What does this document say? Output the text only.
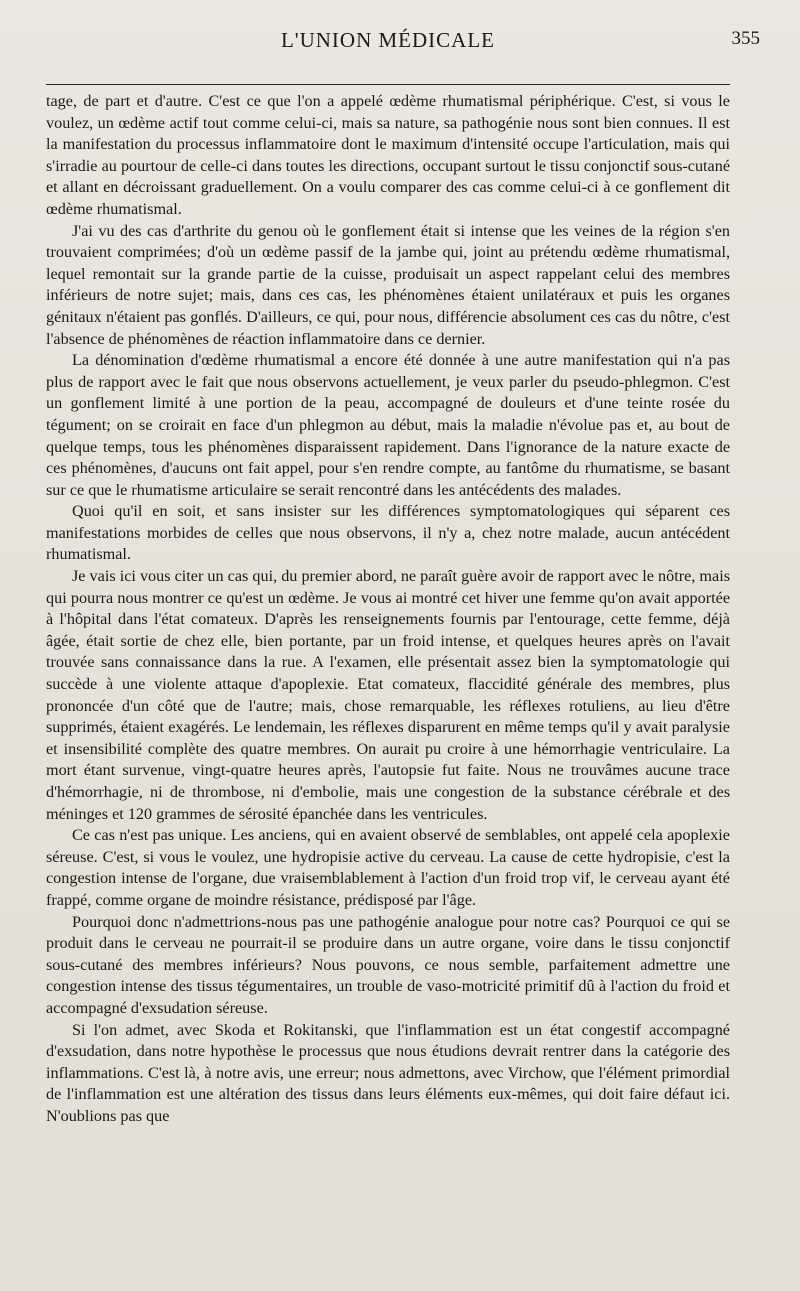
L'UNION MÉDICALE	355

tage, de part et d'autre. C'est ce que l'on a appelé œdème rhumatismal périphérique. C'est, si vous le voulez, un œdème actif tout comme celui-ci, mais sa nature, sa pathogénie nous sont bien connues. Il est la manifestation du processus inflammatoire dont le maximum d'intensité occupe l'articulation, mais qui s'irradie au pourtour de celle-ci dans toutes les directions, occupant surtout le tissu conjonctif sous-cutané et allant en décroissant graduellement. On a voulu comparer des cas comme celui-ci à ce gonflement dit œdème rhumatismal.

J'ai vu des cas d'arthrite du genou où le gonflement était si intense que les veines de la région s'en trouvaient comprimées; d'où un œdème passif de la jambe qui, joint au prétendu œdème rhumatismal, lequel remontait sur la grande partie de la cuisse, produisait un aspect rappelant celui des membres inférieurs de notre sujet; mais, dans ces cas, les phénomènes étaient unilatéraux et puis les organes génitaux n'étaient pas gonflés. D'ailleurs, ce qui, pour nous, différencie absolument ces cas du nôtre, c'est l'absence de phénomènes de réaction inflammatoire dans ce dernier.

La dénomination d'œdème rhumatismal a encore été donnée à une autre manifestation qui n'a pas plus de rapport avec le fait que nous observons actuellement, je veux parler du pseudo-phlegmon. C'est un gonflement limité à une portion de la peau, accompagné de douleurs et d'une teinte rosée du tégument; on se croirait en face d'un phlegmon au début, mais la maladie n'évolue pas et, au bout de quelque temps, tous les phénomènes disparaissent rapidement. Dans l'ignorance de la nature exacte de ces phénomènes, d'aucuns ont fait appel, pour s'en rendre compte, au fantôme du rhumatisme, se basant sur ce que le rhumatisme articulaire se serait rencontré dans les antécédents des malades.

Quoi qu'il en soit, et sans insister sur les différences symptomatologiques qui séparent ces manifestations morbides de celles que nous observons, il n'y a, chez notre malade, aucun antécédent rhumatismal.

Je vais ici vous citer un cas qui, du premier abord, ne paraît guère avoir de rapport avec le nôtre, mais qui pourra nous montrer ce qu'est un œdème. Je vous ai montré cet hiver une femme qu'on avait apportée à l'hôpital dans l'état comateux. D'après les renseignements fournis par l'entourage, cette femme, déjà âgée, était sortie de chez elle, bien portante, par un froid intense, et quelques heures après on l'avait trouvée sans connaissance dans la rue. A l'examen, elle présentait assez bien la symptomatologie qui succède à une violente attaque d'apoplexie. Etat comateux, flaccidité générale des membres, plus prononcée d'un côté que de l'autre; mais, chose remarquable, les réflexes rotuliens, au lieu d'être supprimés, étaient exagérés. Le lendemain, les réflexes disparurent en même temps qu'il y avait paralysie et insensibilité complète des quatre membres. On aurait pu croire à une hémorrhagie ventriculaire. La mort étant survenue, vingt-quatre heures après, l'autopsie fut faite. Nous ne trouvâmes aucune trace d'hémorrhagie, ni de thrombose, ni d'embolie, mais une congestion de la substance cérébrale et des méninges et 120 grammes de sérosité épanchée dans les ventricules.

Ce cas n'est pas unique. Les anciens, qui en avaient observé de semblables, ont appelé cela apoplexie séreuse. C'est, si vous le voulez, une hydropisie active du cerveau. La cause de cette hydropisie, c'est la congestion intense de l'organe, due vraisemblablement à l'action d'un froid trop vif, le cerveau ayant été frappé, comme organe de moindre résistance, prédisposé par l'âge.

Pourquoi donc n'admettrions-nous pas une pathogénie analogue pour notre cas? Pourquoi ce qui se produit dans le cerveau ne pourrait-il se produire dans un autre organe, voire dans le tissu conjonctif sous-cutané des membres inférieurs? Nous pouvons, ce nous semble, parfaitement admettre une congestion intense des tissus tégumentaires, un trouble de vaso-motricité primitif dû à l'action du froid et accompagné d'exsudation séreuse.

Si l'on admet, avec Skoda et Rokitanski, que l'inflammation est un état congestif accompagné d'exsudation, dans notre hypothèse le processus que nous étudions devrait rentrer dans la catégorie des inflammations. C'est là, à notre avis, une erreur; nous admettons, avec Virchow, que l'élément primordial de l'inflammation est une altération des tissus dans leurs éléments eux-mêmes, qui doit faire défaut ici. N'oublions pas que
